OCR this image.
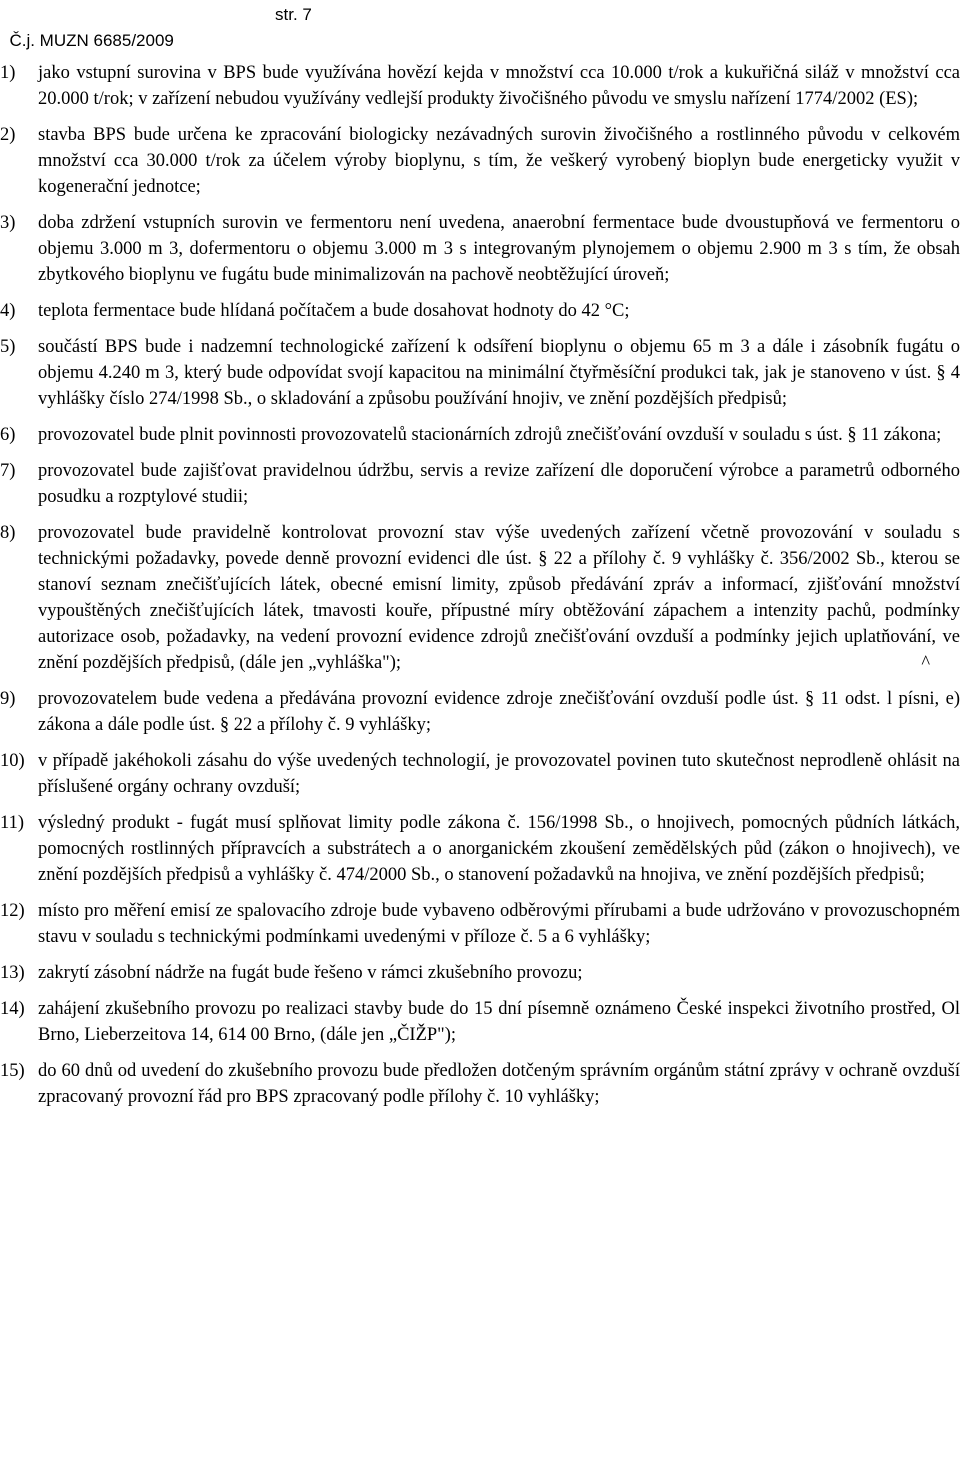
Č.j. MUZN 6685/2009

str. 7

1) jako vstupní surovina v BPS bude využívána hovězí kejda v množství cca 10.000 t/rok a kukuřičná siláž v množství cca 20.000 t/rok; v zařízení nebudou využívány vedlejší produkty živočišného původu ve smyslu nařízení 1774/2002 (ES);
2) stavba BPS bude určena ke zpracování biologicky nezávadných surovin živočišného a rostlinného původu v celkovém množství cca 30.000 t/rok za účelem výroby bioplynu, s tím, že veškerý vyrobený bioplyn bude energeticky využit v kogenerační jednotce;
3) doba zdržení vstupních surovin ve fermentoru není uvedena, anaerobní fermentace bude dvoustupňová ve fermentoru o objemu 3.000 m 3, dofermentoru o objemu 3.000 m 3 s integrovaným plynojemem o objemu 2.900 m 3 s tím, že obsah zbytkového bioplynu ve fugátu bude minimalizován na pachově neobtěžující úroveň;
4) teplota fermentace bude hlídaná počítačem a bude dosahovat hodnoty do 42 °C;
5) součástí BPS bude i nadzemní technologické zařízení k odsíření bioplynu o objemu 65 m 3 a dále i zásobník fugátu o objemu 4.240 m 3, který bude odpovídat svojí kapacitou na minimální čtyřměsíční produkci tak, jak je stanoveno v úst. § 4 vyhlášky číslo 274/1998 Sb., o skladování a způsobu používání hnojiv, ve znění pozdějších předpisů;
6) provozovatel bude plnit povinnosti provozovatelů stacionárních zdrojů znečišťování ovzduší v souladu s úst. § 11 zákona;
7) provozovatel bude zajišťovat pravidelnou údržbu, servis a revize zařízení dle doporučení výrobce a parametrů odborného posudku a rozptylové studii;
8) provozovatel bude pravidelně kontrolovat provozní stav výše uvedených zařízení včetně provozování v souladu s technickými požadavky, povede denně provozní evidenci dle úst. § 22 a přílohy č. 9 vyhlášky č. 356/2002 Sb., kterou se stanoví seznam znečišťujících látek, obecné emisní limity, způsob předávání zpráv a informací, zjišťování množství vypouštěných znečišťujících látek, tmavosti kouře, přípustné míry obtěžování zápachem a intenzity pachů, podmínky autorizace osob, požadavky, na vedení provozní evidence zdrojů znečišťování ovzduší a podmínky jejich uplatňování, ve znění pozdějších předpisů, (dále jen „vyhláška");	^
9) provozovatelem bude vedena a předávána provozní evidence zdroje znečišťování ovzduší podle úst. § 11 odst. l písni, e) zákona a dále podle úst. § 22 a přílohy č. 9 vyhlášky;
10) v případě jakéhokoli zásahu do výše uvedených technologií, je provozovatel povinen tuto skutečnost neprodleně ohlásit na příslušené orgány ochrany ovzduší;
11) výsledný produkt - fugát musí splňovat limity podle zákona č. 156/1998 Sb., o hnojivech, pomocných půdních látkách, pomocných rostlinných přípravcích a substrátech a o anorganickém zkoušení zemědělských půd (zákon o hnojivech), ve znění pozdějších předpisů a vyhlášky č. 474/2000 Sb., o stanovení požadavků na hnojiva, ve znění pozdějších předpisů;
12) místo pro měření emisí ze spalovacího zdroje bude vybaveno odběrovými přírubami a bude udržováno v provozuschopném stavu v souladu s technickými podmínkami uvedenými v příloze č. 5 a 6 vyhlášky;
13) zakrytí zásobní nádrže na fugát bude řešeno v rámci zkušebního provozu;
14) zahájení zkušebního provozu po realizaci stavby bude do 15 dní písemně oznámeno České inspekci životního prostřed, Ol Brno, Lieberzeitova 14, 614 00 Brno, (dále jen „ČIŽP");
15) do 60 dnů od uvedení do zkušebního provozu bude předložen dotčeným správním orgánům státní zprávy v ochraně ovzduší zpracovaný provozní řád pro BPS zpracovaný podle přílohy č. 10 vyhlášky;
